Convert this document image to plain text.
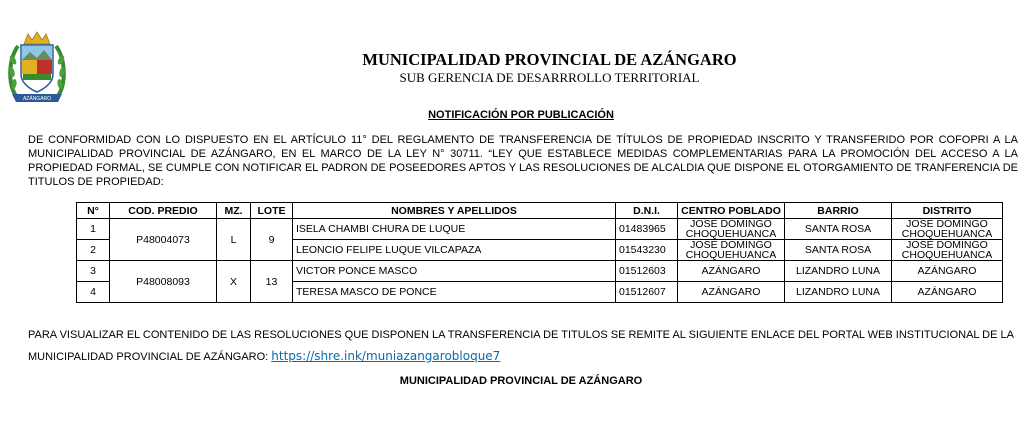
AZÁNGARO
MUNICIPALIDAD PROVINCIAL DE AZÁNGARO
SUB GERENCIA DE DESARRROLLO TERRITORIAL
NOTIFICACIÓN POR PUBLICACIÓN
DE CONFORMIDAD CON LO DISPUESTO EN EL ARTÍCULO 11° DEL REGLAMENTO DE TRANSFERENCIA DE TÍTULOS DE PROPIEDAD INSCRITO Y TRANSFERIDO POR COFOPRI A LA MUNICIPALIDAD PROVINCIAL DE AZÁNGARO, EN EL MARCO DE LA LEY N° 30711. “LEY QUE ESTABLECE MEDIDAS COMPLEMENTARIAS PARA LA PROMOCIÓN DEL ACCESO A LA PROPIEDAD FORMAL, SE CUMPLE CON NOTIFICAR EL PADRON DE POSEEDORES APTOS Y LAS RESOLUCIONES DE ALCALDIA QUE DISPONE EL OTORGAMIENTO DE TRANFERENCIA DE TITULOS DE PROPIEDAD:
N°	COD. PREDIO	MZ.	LOTE	NOMBRES Y APELLIDOS	D.N.I.	CENTRO POBLADO	BARRIO	DISTRITO
1	P48004073	L	9	ISELA CHAMBI CHURA DE LUQUE	01483965	JOSE DOMINGO CHOQUEHUANCA	SANTA ROSA	JOSE DOMINGO CHOQUEHUANCA
2				LEONCIO FELIPE LUQUE VILCAPAZA	01543230	JOSE DOMINGO CHOQUEHUANCA	SANTA ROSA	JOSE DOMINGO CHOQUEHUANCA
3	P48008093	X	13	VICTOR PONCE MASCO	01512603	AZÁNGARO	LIZANDRO LUNA	AZÁNGARO
4				TERESA MASCO DE PONCE	01512607	AZÁNGARO	LIZANDRO LUNA	AZÁNGARO
PARA VISUALIZAR EL CONTENIDO DE LAS RESOLUCIONES QUE DISPONEN LA TRANSFERENCIA DE TITULOS SE REMITE AL SIGUIENTE ENLACE DEL PORTAL WEB INSTITUCIONAL DE LA MUNICIPALIDAD PROVINCIAL DE AZÁNGARO: https://shre.ink/muniazangarobloque7
MUNICIPALIDAD PROVINCIAL DE AZÁNGARO
